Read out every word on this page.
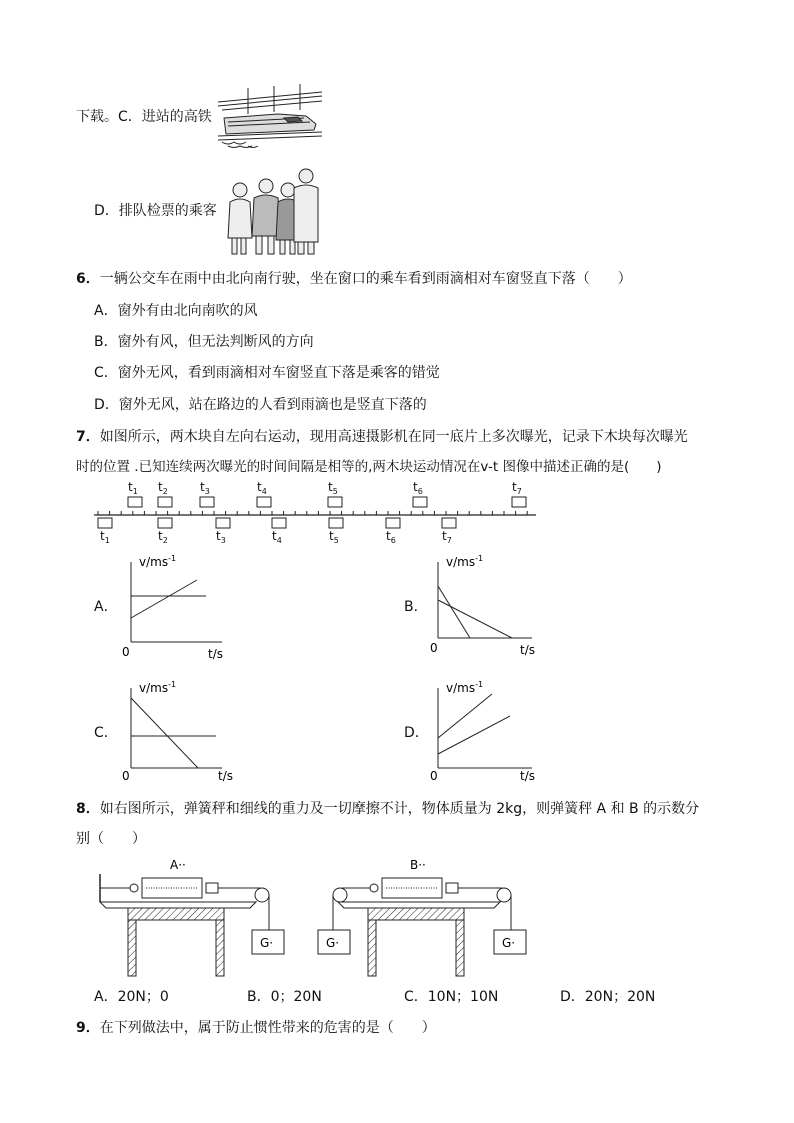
下载。C．进站的高铁
D．排队检票的乘客
6．一辆公交车在雨中由北向南行驶，坐在窗口的乘车看到雨滴相对车窗竖直下落（　　）
A．窗外有由北向南吹的风
B．窗外有风，但无法判断风的方向
C．窗外无风，看到雨滴相对车窗竖直下落是乘客的错觉
D．窗外无风，站在路边的人看到雨滴也是竖直下落的
7．如图所示，两木块自左向右运动，现用高速摄影机在同一底片上多次曝光，记录下木块每次曝光
时的位置 .已知连续两次曝光的时间间隔是相等的,两木块运动情况在v-t 图像中描述正确的是(　　)
$t_1$ $t_2$	$t_3$	$t_4$	$t_5$	$t_6$	$t_7$
$t_1$	$t_2$	$t_3$	$t_4$	$t_5$	$t_6$	$t_7$
A．
$v/ms^{-1}$
0	t/s
B．
$v/ms^{-1}$
0	t/s
C．
$v/ms^{-1}$
0	t/s
D．
$v/ms^{-1}$
0	t/s
8．如右图所示，弹簧秤和细线的重力及一切摩擦不计，物体质量为 2kg，则弹簧秤 A 和 B 的示数分
别（　　）
A··
G·
B··
G·	G·
A．20N；0	B．0；20N	C．10N；10N	D．20N；20N
9．在下列做法中，属于防止惯性带来的危害的是（　　）
